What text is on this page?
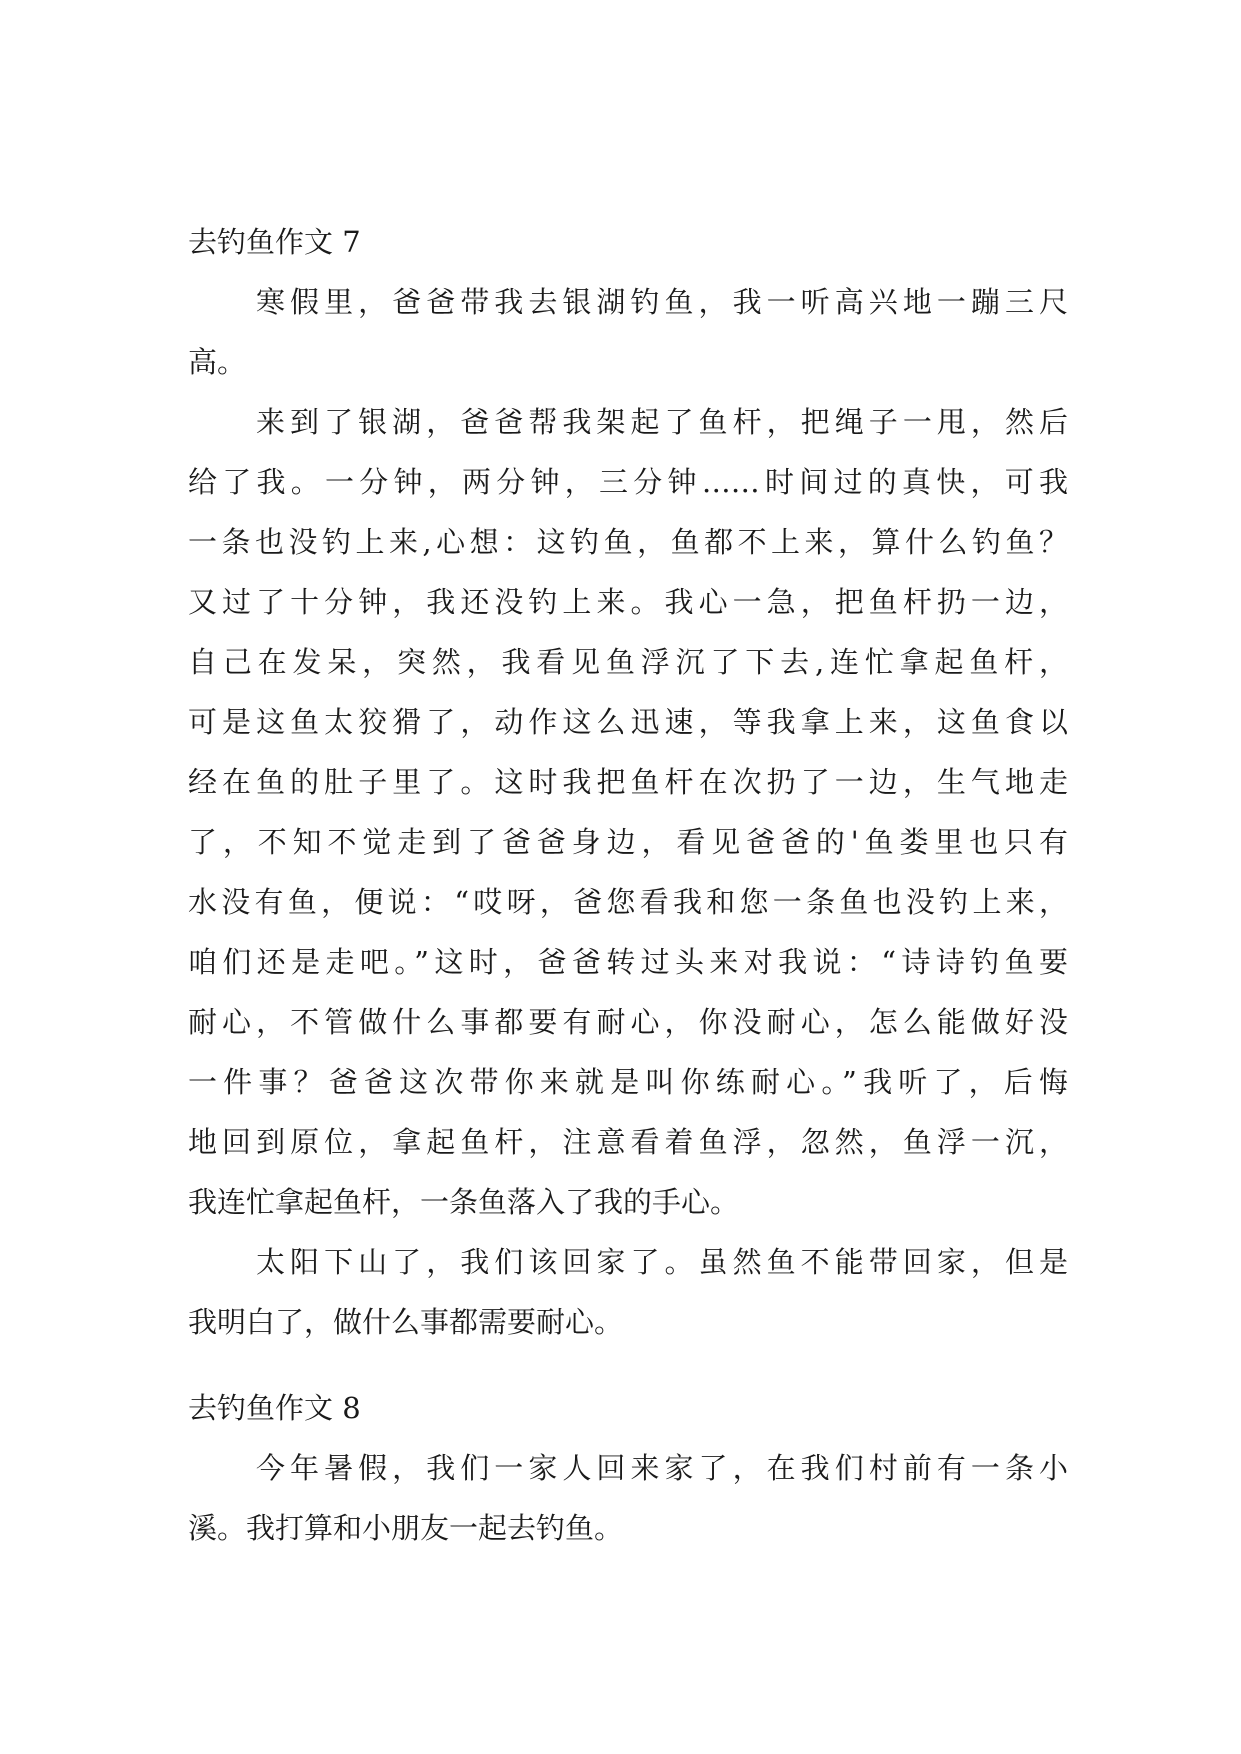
去钓鱼作文 7

寒假里，爸爸带我去银湖钓鱼，我一听高兴地一蹦三尺
高。

来到了银湖，爸爸帮我架起了鱼杆，把绳子一甩，然后
给了我。一分钟，两分钟，三分钟……时间过的真快，可我
一条也没钓上来,心想：这钓鱼，鱼都不上来，算什么钓鱼？
又过了十分钟，我还没钓上来。我心一急，把鱼杆扔一边，
自己在发呆，突然，我看见鱼浮沉了下去,连忙拿起鱼杆，
可是这鱼太狡猾了，动作这么迅速，等我拿上来，这鱼食以
经在鱼的肚子里了。这时我把鱼杆在次扔了一边，生气地走
了，不知不觉走到了爸爸身边，看见爸爸的'鱼娄里也只有
水没有鱼，便说：“哎呀，爸您看我和您一条鱼也没钓上来，
咱们还是走吧。”这时，爸爸转过头来对我说：“诗诗钓鱼要
耐心，不管做什么事都要有耐心，你没耐心，怎么能做好没
一件事？爸爸这次带你来就是叫你练耐心。”我听了，后悔
地回到原位，拿起鱼杆，注意看着鱼浮，忽然，鱼浮一沉，
我连忙拿起鱼杆，一条鱼落入了我的手心。

太阳下山了，我们该回家了。虽然鱼不能带回家，但是
我明白了，做什么事都需要耐心。

去钓鱼作文 8

今年暑假，我们一家人回来家了，在我们村前有一条小
溪。我打算和小朋友一起去钓鱼。
